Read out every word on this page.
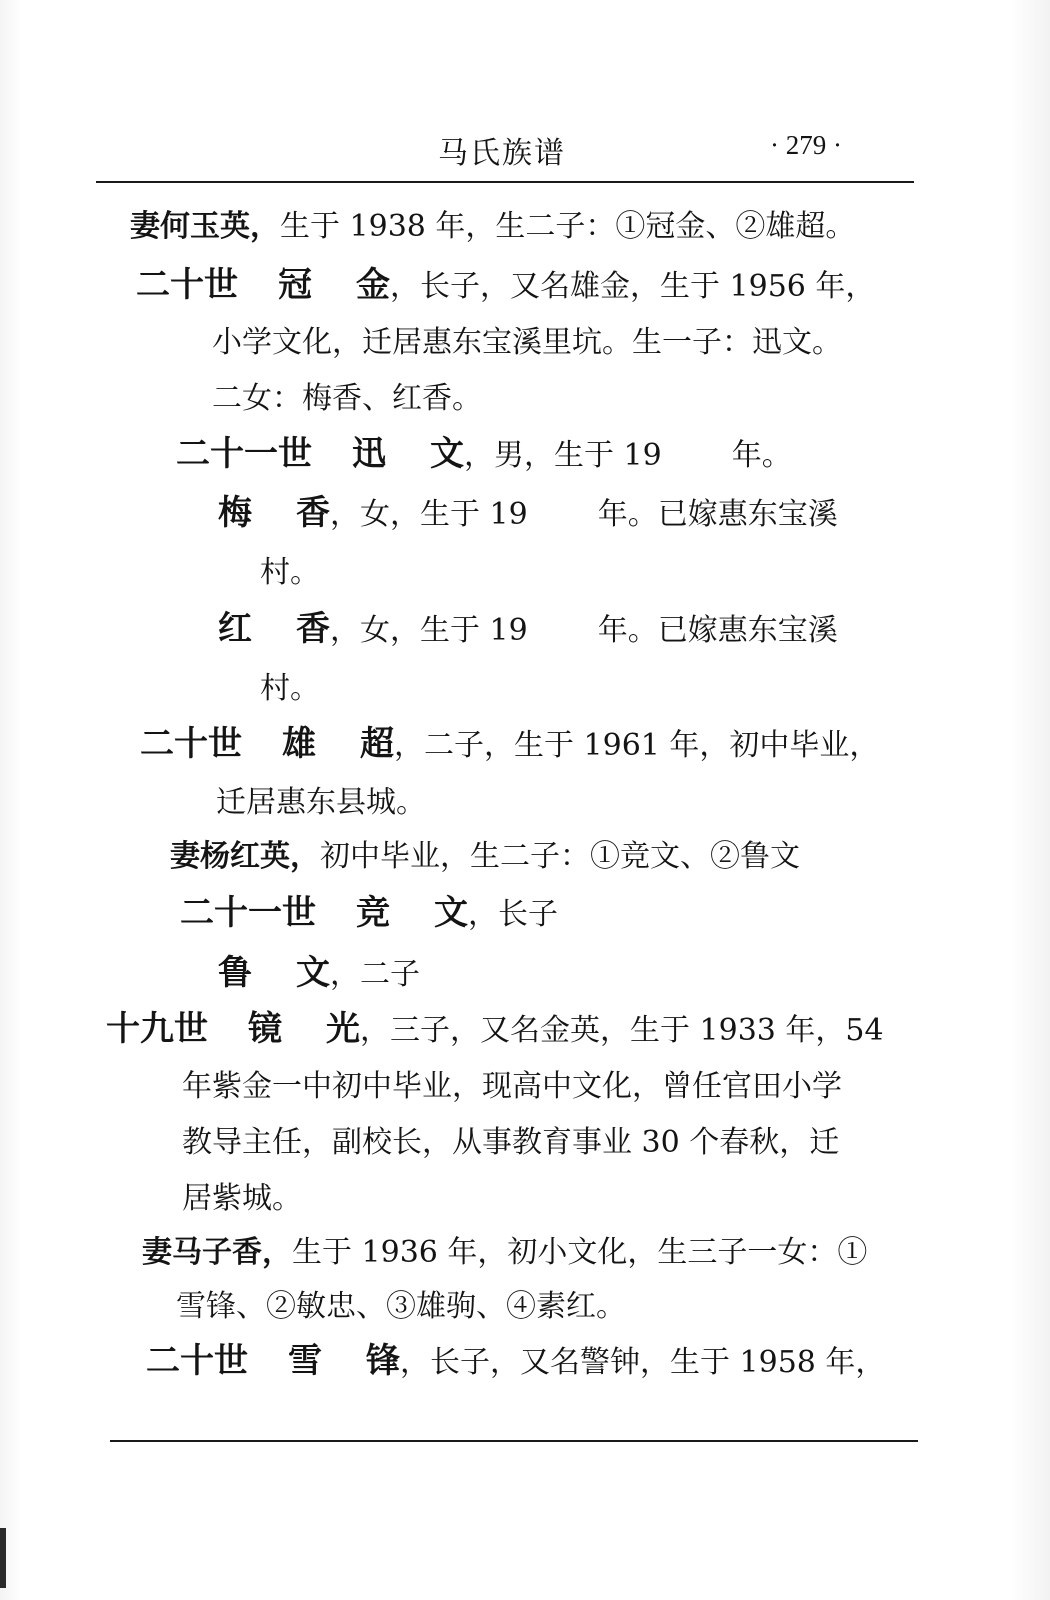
马氏族谱	· 279 ·
妻何玉英，生于 1938 年，生二子：①冠金、②雄超。
二十世 冠 金，长子，又名雄金，生于 1956 年，
小学文化，迁居惠东宝溪里坑。生一子：迅文。
二女：梅香、红香。
二十一世 迅 文，男，生于 19 年。
梅 香，女，生于 19 年。已嫁惠东宝溪
村。
红 香，女，生于 19 年。已嫁惠东宝溪
村。
二十世 雄 超，二子，生于 1961 年，初中毕业，
迁居惠东县城。
妻杨红英，初中毕业，生二子：①竞文、②鲁文
二十一世 竞 文，长子
鲁 文，二子
十九世 镜 光，三子，又名金英，生于 1933 年，54
年紫金一中初中毕业，现高中文化，曾任官田小学
教导主任，副校长，从事教育事业 30 个春秋，迁
居紫城。
妻马子香，生于 1936 年，初小文化，生三子一女：①
雪锋、②敏忠、③雄驹、④素红。
二十世 雪 锋，长子，又名警钟，生于 1958 年，
